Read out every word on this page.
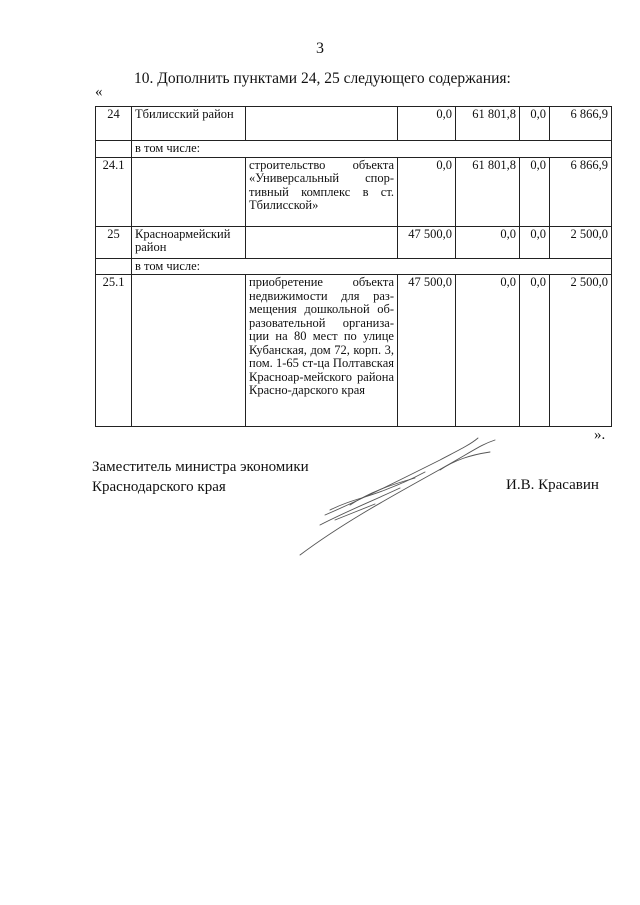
3
10. Дополнить пунктами 24, 25 следующего содержания:
«
24	Тбилисский район		0,0	61 801,8	0,0	6 866,9
	в том числе:					
24.1		строительство объекта «Универсальный спор-тивный комплекс в ст. Тбилисской»	0,0	61 801,8	0,0	6 866,9
25	Красноармейский район		47 500,0	0,0	0,0	2 500,0
	в том числе:					
25.1		приобретение объекта недвижимости для раз-мещения дошкольной об-разовательной организа-ции на 80 мест по улице Кубанская, дом 72, корп. 3, пом. 1-65 ст-ца Полтавская Красноар-мейского района Красно-дарского края	47 500,0	0,0	0,0	2 500,0
».
Заместитель министра экономики
Краснодарского края	И.В. Красавин
